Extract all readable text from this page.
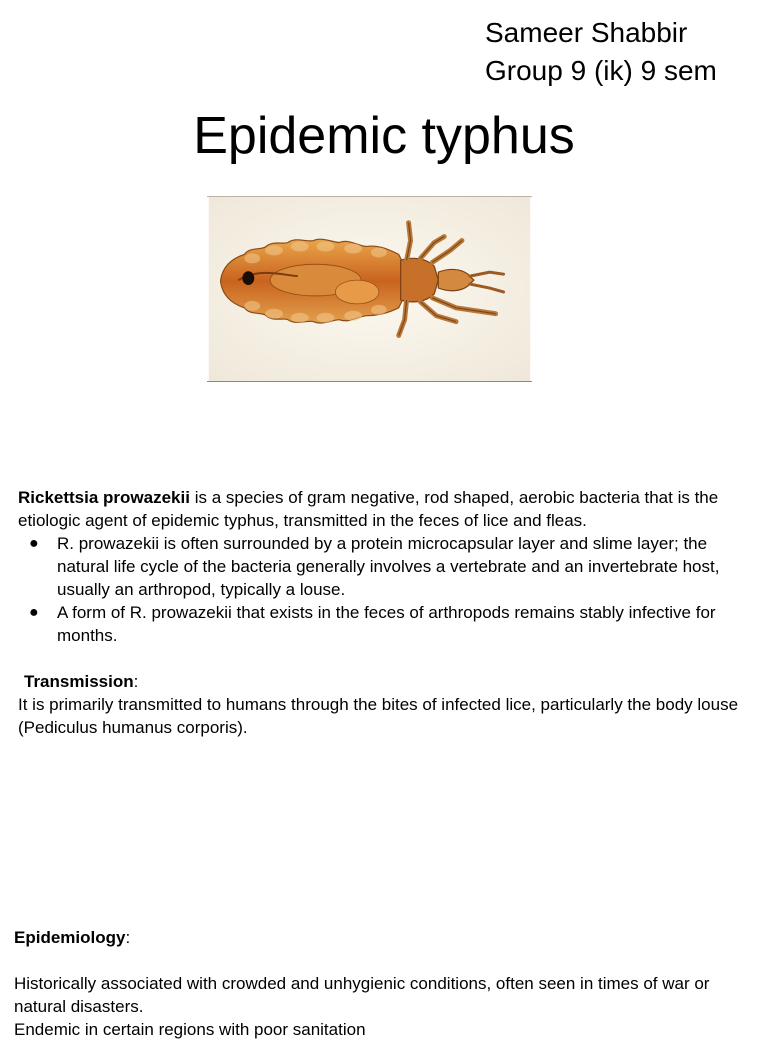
Sameer Shabbir
Group 9 (ik) 9 sem
Epidemic typhus
Rickettsia prowazekii is a species of gram negative, rod shaped, aerobic bacteria that is the etiologic agent of epidemic typhus, transmitted in the feces of lice and fleas.
● R. prowazekii is often surrounded by a protein microcapsular layer and slime layer; the natural life cycle of the bacteria generally involves a vertebrate and an invertebrate host, usually an arthropod, typically a louse.
● A form of R. prowazekii that exists in the feces of arthropods remains stably infective for months.
Transmission:
It is primarily transmitted to humans through the bites of infected lice, particularly the body louse (Pediculus humanus corporis).
Epidemiology:
Historically associated with crowded and unhygienic conditions, often seen in times of war or natural disasters.
Endemic in certain regions with poor sanitation
